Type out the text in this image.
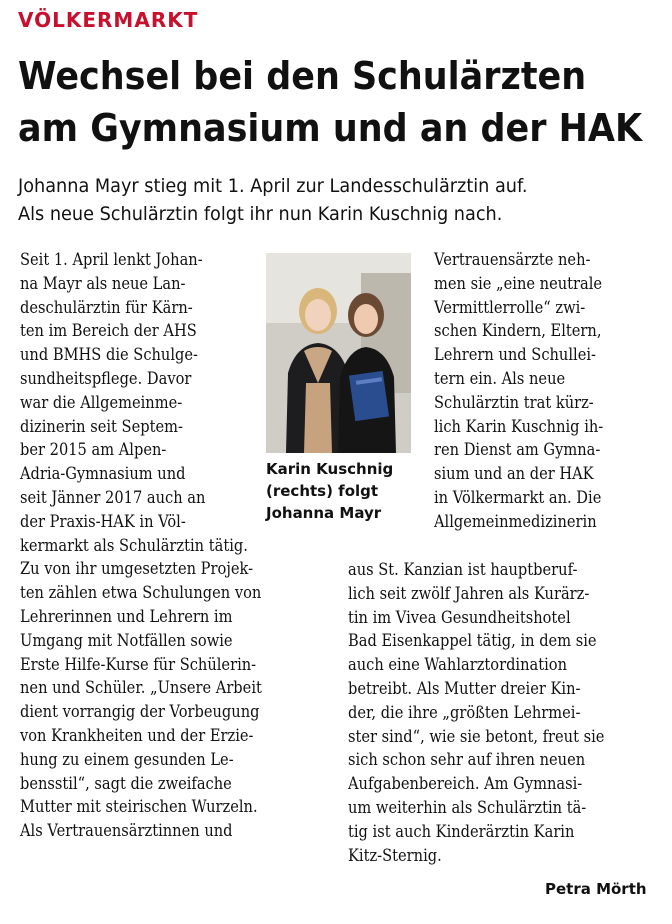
VÖLKERMARKT
Wechsel bei den Schulärzten
am Gymnasium und an der HAK
Johanna Mayr stieg mit 1. April zur Landesschulärztin auf.
Als neue Schulärztin folgt ihr nun Karin Kuschnig nach.
Seit 1. April lenkt Johan-
na Mayr als neue Lan-
deschulärztin für Kärn-
ten im Bereich der AHS
und BMHS die Schulge-
sundheitspflege. Davor
war die Allgemeinme-
dizinerin seit Septem-
ber 2015 am Alpen-
Adria-Gymnasium und
seit Jänner 2017 auch an
der Praxis-HAK in Völ-
kermarkt als Schulärztin tätig.
Zu von ihr umgesetzten Projek-
ten zählen etwa Schulungen von
Lehrerinnen und Lehrern im
Umgang mit Notfällen sowie
Erste Hilfe-Kurse für Schülerin-
nen und Schüler. „Unsere Arbeit
dient vorrangig der Vorbeugung
von Krankheiten und der Erzie-
hung zu einem gesunden Le-
bensstil“, sagt die zweifache
Mutter mit steirischen Wurzeln.
Als Vertrauensärztinnen und
Karin Kuschnig
(rechts) folgt
Johanna Mayr
Vertrauensärzte neh-
men sie „eine neutrale
Vermittlerrolle“ zwi-
schen Kindern, Eltern,
Lehrern und Schullei-
tern ein. Als neue
Schulärztin trat kürz-
lich Karin Kuschnig ih-
ren Dienst am Gymna-
sium und an der HAK
in Völkermarkt an. Die
Allgemeinmedizinerin
aus St. Kanzian ist hauptberuf-
lich seit zwölf Jahren als Kurärz-
tin im Vivea Gesundheitshotel
Bad Eisenkappel tätig, in dem sie
auch eine Wahlarztordination
betreibt. Als Mutter dreier Kin-
der, die ihre „größten Lehrmei-
ster sind“, wie sie betont, freut sie
sich schon sehr auf ihren neuen
Aufgabenbereich. Am Gymnasi-
um weiterhin als Schulärztin tä-
tig ist auch Kinderärztin Karin
Kitz-Sternig.
Petra Mörth
